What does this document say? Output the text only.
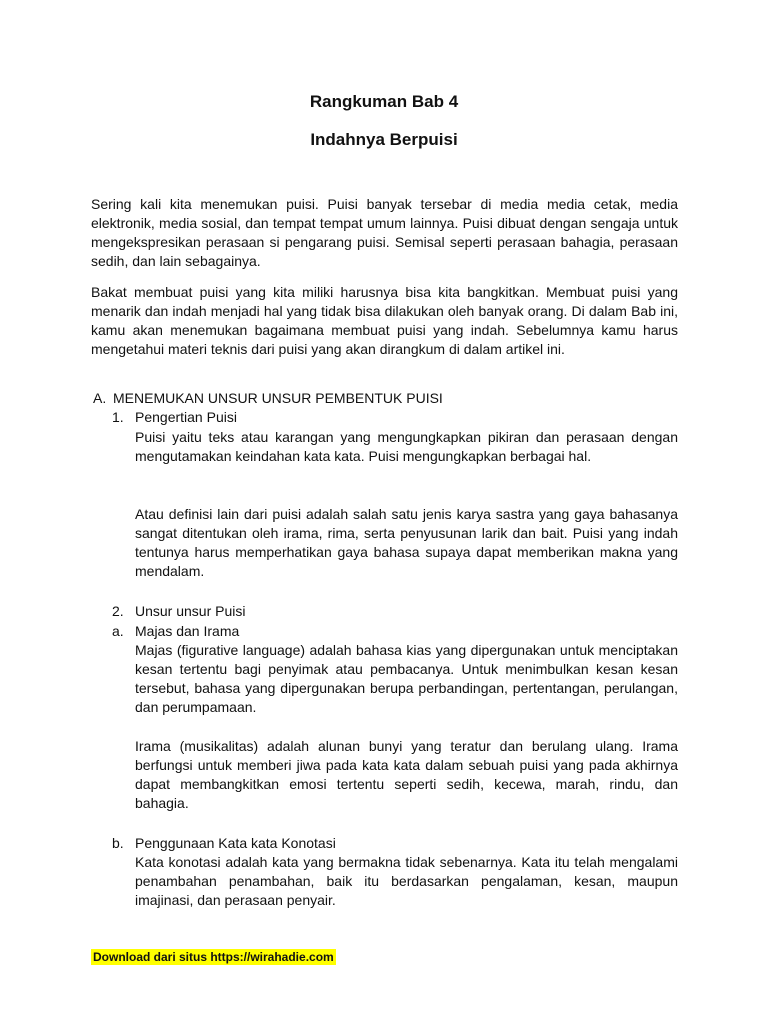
Rangkuman Bab 4
Indahnya Berpuisi

Sering kali kita menemukan puisi. Puisi banyak tersebar di media media cetak, media elektronik, media sosial, dan tempat tempat umum lainnya. Puisi dibuat dengan sengaja untuk mengekspresikan perasaan si pengarang puisi. Semisal seperti perasaan bahagia, perasaan sedih, dan lain sebagainya.

Bakat membuat puisi yang kita miliki harusnya bisa kita bangkitkan. Membuat puisi yang menarik dan indah menjadi hal yang tidak bisa dilakukan oleh banyak orang. Di dalam Bab ini, kamu akan menemukan bagaimana membuat puisi yang indah. Sebelumnya kamu harus mengetahui materi teknis dari puisi yang akan dirangkum di dalam artikel ini.

A. MENEMUKAN UNSUR UNSUR PEMBENTUK PUISI
1. Pengertian Puisi

Puisi yaitu teks atau karangan yang mengungkapkan pikiran dan perasaan dengan mengutamakan keindahan kata kata. Puisi mengungkapkan berbagai hal.

Atau definisi lain dari puisi adalah salah satu jenis karya sastra yang gaya bahasanya sangat ditentukan oleh irama, rima, serta penyusunan larik dan bait. Puisi yang indah tentunya harus memperhatikan gaya bahasa supaya dapat memberikan makna yang mendalam.

2. Unsur unsur Puisi
a. Majas dan Irama

Majas (figurative language) adalah bahasa kias yang dipergunakan untuk menciptakan kesan tertentu bagi penyimak atau pembacanya. Untuk menimbulkan kesan kesan tersebut, bahasa yang dipergunakan berupa perbandingan, pertentangan, perulangan, dan perumpamaan.

Irama (musikalitas) adalah alunan bunyi yang teratur dan berulang ulang. Irama berfungsi untuk memberi jiwa pada kata kata dalam sebuah puisi yang pada akhirnya dapat membangkitkan emosi tertentu seperti sedih, kecewa, marah, rindu, dan bahagia.

b. Penggunaan Kata kata Konotasi

Kata konotasi adalah kata yang bermakna tidak sebenarnya. Kata itu telah mengalami penambahan penambahan, baik itu berdasarkan pengalaman, kesan, maupun imajinasi, dan perasaan penyair.

Download dari situs https://wirahadie.com
